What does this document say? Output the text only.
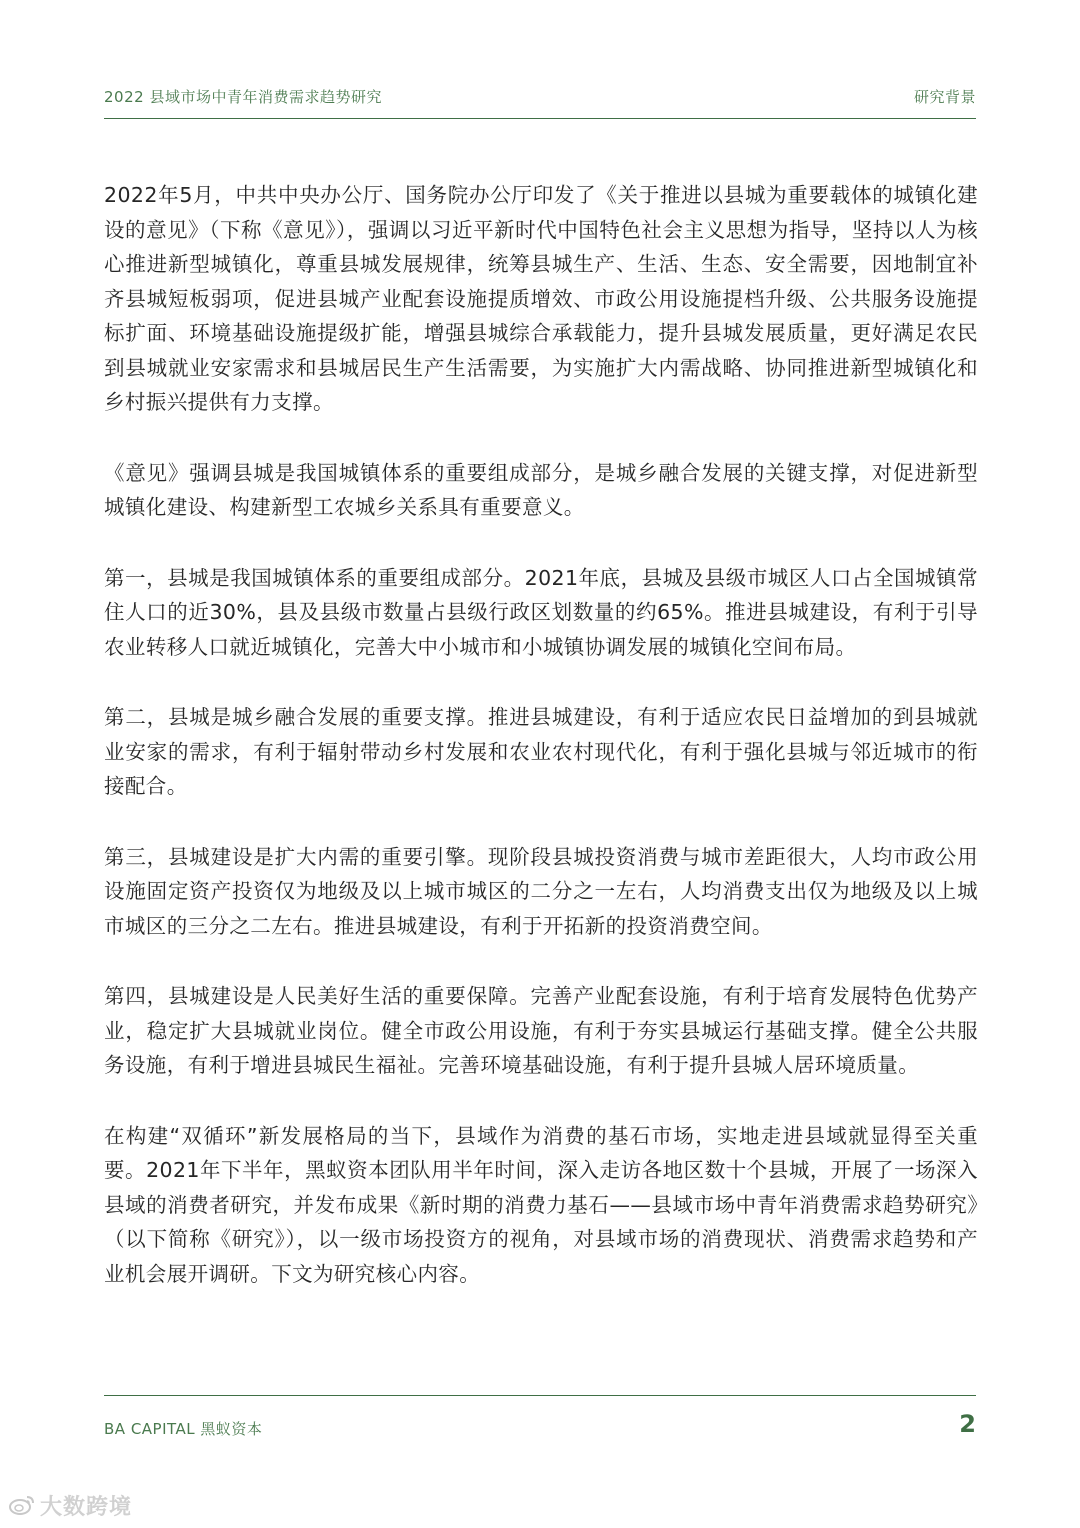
2022 县域市场中青年消费需求趋势研究	研究背景

2022年5月，中共中央办公厅、国务院办公厅印发了《关于推进以县城为重要载体的城镇化建设的意见》（下称《意见》），强调以习近平新时代中国特色社会主义思想为指导，坚持以人为核心推进新型城镇化，尊重县城发展规律，统筹县城生产、生活、生态、安全需要，因地制宜补齐县城短板弱项，促进县城产业配套设施提质增效、市政公用设施提档升级、公共服务设施提标扩面、环境基础设施提级扩能，增强县城综合承载能力，提升县城发展质量，更好满足农民到县城就业安家需求和县城居民生产生活需要，为实施扩大内需战略、协同推进新型城镇化和乡村振兴提供有力支撑。

《意见》强调县城是我国城镇体系的重要组成部分，是城乡融合发展的关键支撑，对促进新型城镇化建设、构建新型工农城乡关系具有重要意义。

第一，县城是我国城镇体系的重要组成部分。2021年底，县城及县级市城区人口占全国城镇常住人口的近30%，县及县级市数量占县级行政区划数量的约65%。推进县城建设，有利于引导农业转移人口就近城镇化，完善大中小城市和小城镇协调发展的城镇化空间布局。

第二，县城是城乡融合发展的重要支撑。推进县城建设，有利于适应农民日益增加的到县城就业安家的需求，有利于辐射带动乡村发展和农业农村现代化，有利于强化县城与邻近城市的衔接配合。

第三，县城建设是扩大内需的重要引擎。现阶段县城投资消费与城市差距很大，人均市政公用设施固定资产投资仅为地级及以上城市城区的二分之一左右，人均消费支出仅为地级及以上城市城区的三分之二左右。推进县城建设，有利于开拓新的投资消费空间。

第四，县城建设是人民美好生活的重要保障。完善产业配套设施，有利于培育发展特色优势产业，稳定扩大县城就业岗位。健全市政公用设施，有利于夯实县城运行基础支撑。健全公共服务设施，有利于增进县城民生福祉。完善环境基础设施，有利于提升县城人居环境质量。

在构建“双循环”新发展格局的当下，县域作为消费的基石市场，实地走进县域就显得至关重要。2021年下半年，黑蚁资本团队用半年时间，深入走访各地区数十个县城，开展了一场深入县域的消费者研究，并发布成果《新时期的消费力基石——县域市场中青年消费需求趋势研究》（以下简称《研究》），以一级市场投资方的视角，对县域市场的消费现状、消费需求趋势和产业机会展开调研。下文为研究核心内容。

BA CAPITAL 黑蚁资本	2
大数跨境
